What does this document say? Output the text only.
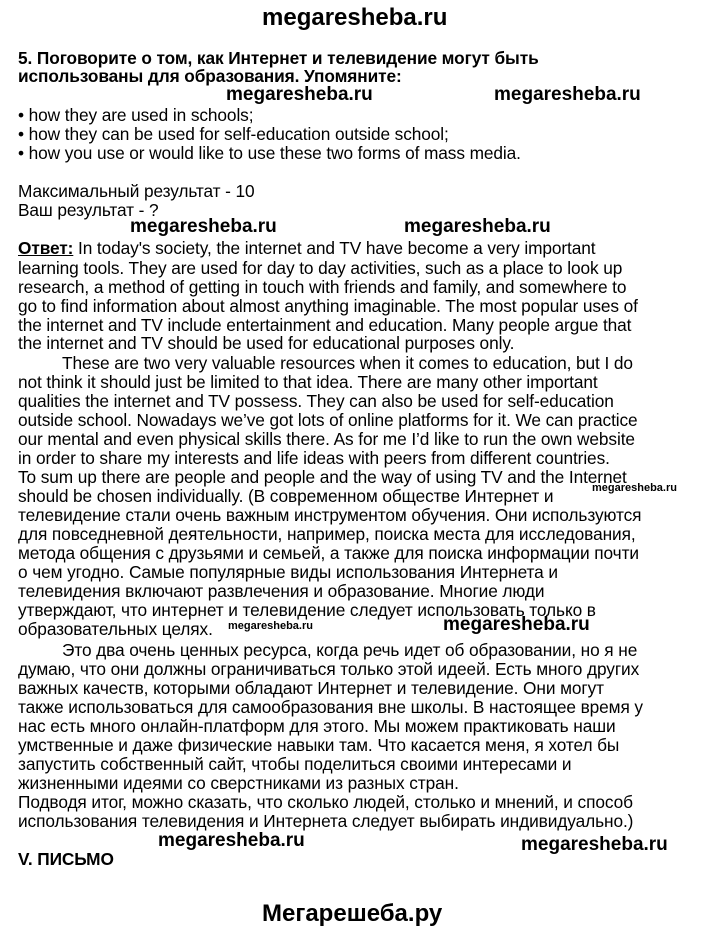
megaresheba.ru
5. Поговорите о том, как Интернет и телевидение могут быть
использованы для образования. Упомяните:
megaresheba.ru	megaresheba.ru
• how they are used in schools;
• how they can be used for self-education outside school;
• how you use or would like to use these two forms of mass media.
Максимальный результат - 10
Ваш результат - ?
megaresheba.ru	megaresheba.ru
Ответ: In today's society, the internet and TV have become a very important
learning tools. They are used for day to day activities, such as a place to look up
research, a method of getting in touch with friends and family, and somewhere to
go to find information about almost anything imaginable. The most popular uses of
the internet and TV include entertainment and education. Many people argue that
the internet and TV should be used for educational purposes only.
These are two very valuable resources when it comes to education, but I do
not think it should just be limited to that idea. There are many other important
qualities the internet and TV possess. They can also be used for self-education
outside school. Nowadays we’ve got lots of online platforms for it. We can practice
our mental and even physical skills there. As for me I’d like to run the own website
in order to share my interests and life ideas with peers from different countries.
To sum up there are people and people and the way of using TV and the Internet
should be chosen individually. (В современном обществе Интернет и	megaresheba.ru
телевидение стали очень важным инструментом обучения. Они используются
для повседневной деятельности, например, поиска места для исследования,
метода общения с друзьями и семьей, а также для поиска информации почти
о чем угодно. Самые популярные виды использования Интернета и
телевидения включают развлечения и образование. Многие люди
утверждают, что интернет и телевидение следует использовать только в
образовательных целях. megaresheba.ru	megaresheba.ru
Это два очень ценных ресурса, когда речь идет об образовании, но я не
думаю, что они должны ограничиваться только этой идеей. Есть много других
важных качеств, которыми обладают Интернет и телевидение. Они могут
также использоваться для самообразования вне школы. В настоящее время у
нас есть много онлайн-платформ для этого. Мы можем практиковать наши
умственные и даже физические навыки там. Что касается меня, я хотел бы
запустить собственный сайт, чтобы поделиться своими интересами и
жизненными идеями со сверстниками из разных стран.
Подводя итог, можно сказать, что сколько людей, столько и мнений, и способ
использования телевидения и Интернета следует выбирать индивидуально.)
megaresheba.ru	megaresheba.ru
V. ПИСЬМО
Мегарешеба.ру
